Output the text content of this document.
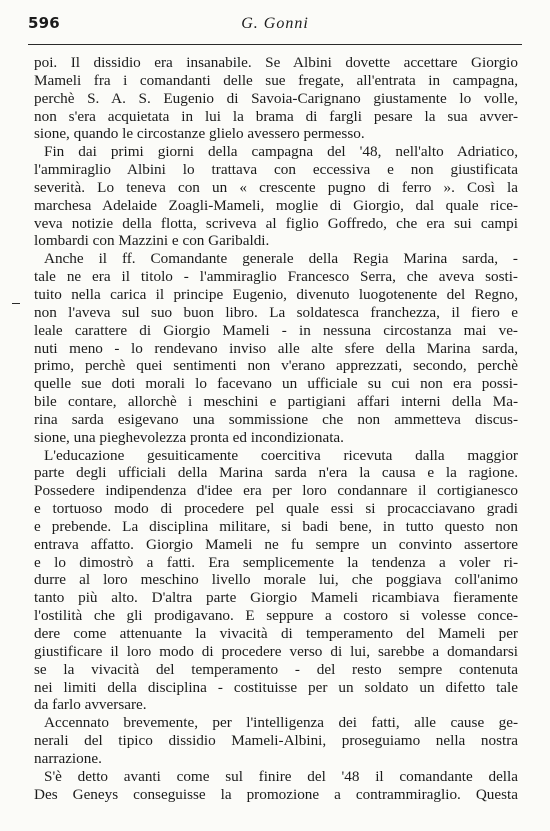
596	G. Gonni
poi. Il dissidio era insanabile. Se Albini dovette accettare Giorgio
Mameli fra i comandanti delle sue fregate, all'entrata in campagna,
perchè S. A. S. Eugenio di Savoia-Carignano giustamente lo volle,
non s'era acquietata in lui la brama di fargli pesare la sua avver-
sione, quando le circostanze glielo avessero permesso.
Fin dai primi giorni della campagna del '48, nell'alto Adriatico,
l'ammiraglio Albini lo trattava con eccessiva e non giustificata
severità. Lo teneva con un « crescente pugno di ferro ». Così la
marchesa Adelaide Zoagli-Mameli, moglie di Giorgio, dal quale rice-
veva notizie della flotta, scriveva al figlio Goffredo, che era sui campi
lombardi con Mazzini e con Garibaldi.
Anche il ff. Comandante generale della Regia Marina sarda, -
tale ne era il titolo - l'ammiraglio Francesco Serra, che aveva sosti-
tuito nella carica il principe Eugenio, divenuto luogotenente del Regno,
non l'aveva sul suo buon libro. La soldatesca franchezza, il fiero e
leale carattere di Giorgio Mameli - in nessuna circostanza mai ve-
nuti meno - lo rendevano inviso alle alte sfere della Marina sarda,
primo, perchè quei sentimenti non v'erano apprezzati, secondo, perchè
quelle sue doti morali lo facevano un ufficiale su cui non era possi-
bile contare, allorchè i meschini e partigiani affari interni della Ma-
rina sarda esigevano una sommissione che non ammetteva discus-
sione, una pieghevolezza pronta ed incondizionata.
L'educazione gesuiticamente coercitiva ricevuta dalla maggior
parte degli ufficiali della Marina sarda n'era la causa e la ragione.
Possedere indipendenza d'idee era per loro condannare il cortigianesco
e tortuoso modo di procedere pel quale essi si procacciavano gradi
e prebende. La disciplina militare, si badi bene, in tutto questo non
entrava affatto. Giorgio Mameli ne fu sempre un convinto assertore
e lo dimostrò a fatti. Era semplicemente la tendenza a voler ri-
durre al loro meschino livello morale lui, che poggiava coll'animo
tanto più alto. D'altra parte Giorgio Mameli ricambiava fieramente
l'ostilità che gli prodigavano. E seppure a costoro si volesse conce-
dere come attenuante la vivacità di temperamento del Mameli per
giustificare il loro modo di procedere verso di lui, sarebbe a domandarsi
se la vivacità del temperamento - del resto sempre contenuta
nei limiti della disciplina - costituisse per un soldato un difetto tale
da farlo avversare.
Accennato brevemente, per l'intelligenza dei fatti, alle cause ge-
nerali del tipico dissidio Mameli-Albini, proseguiamo nella nostra
narrazione.
S'è detto avanti come sul finire del '48 il comandante della
Des Geneys conseguisse la promozione a contrammiraglio. Questa
